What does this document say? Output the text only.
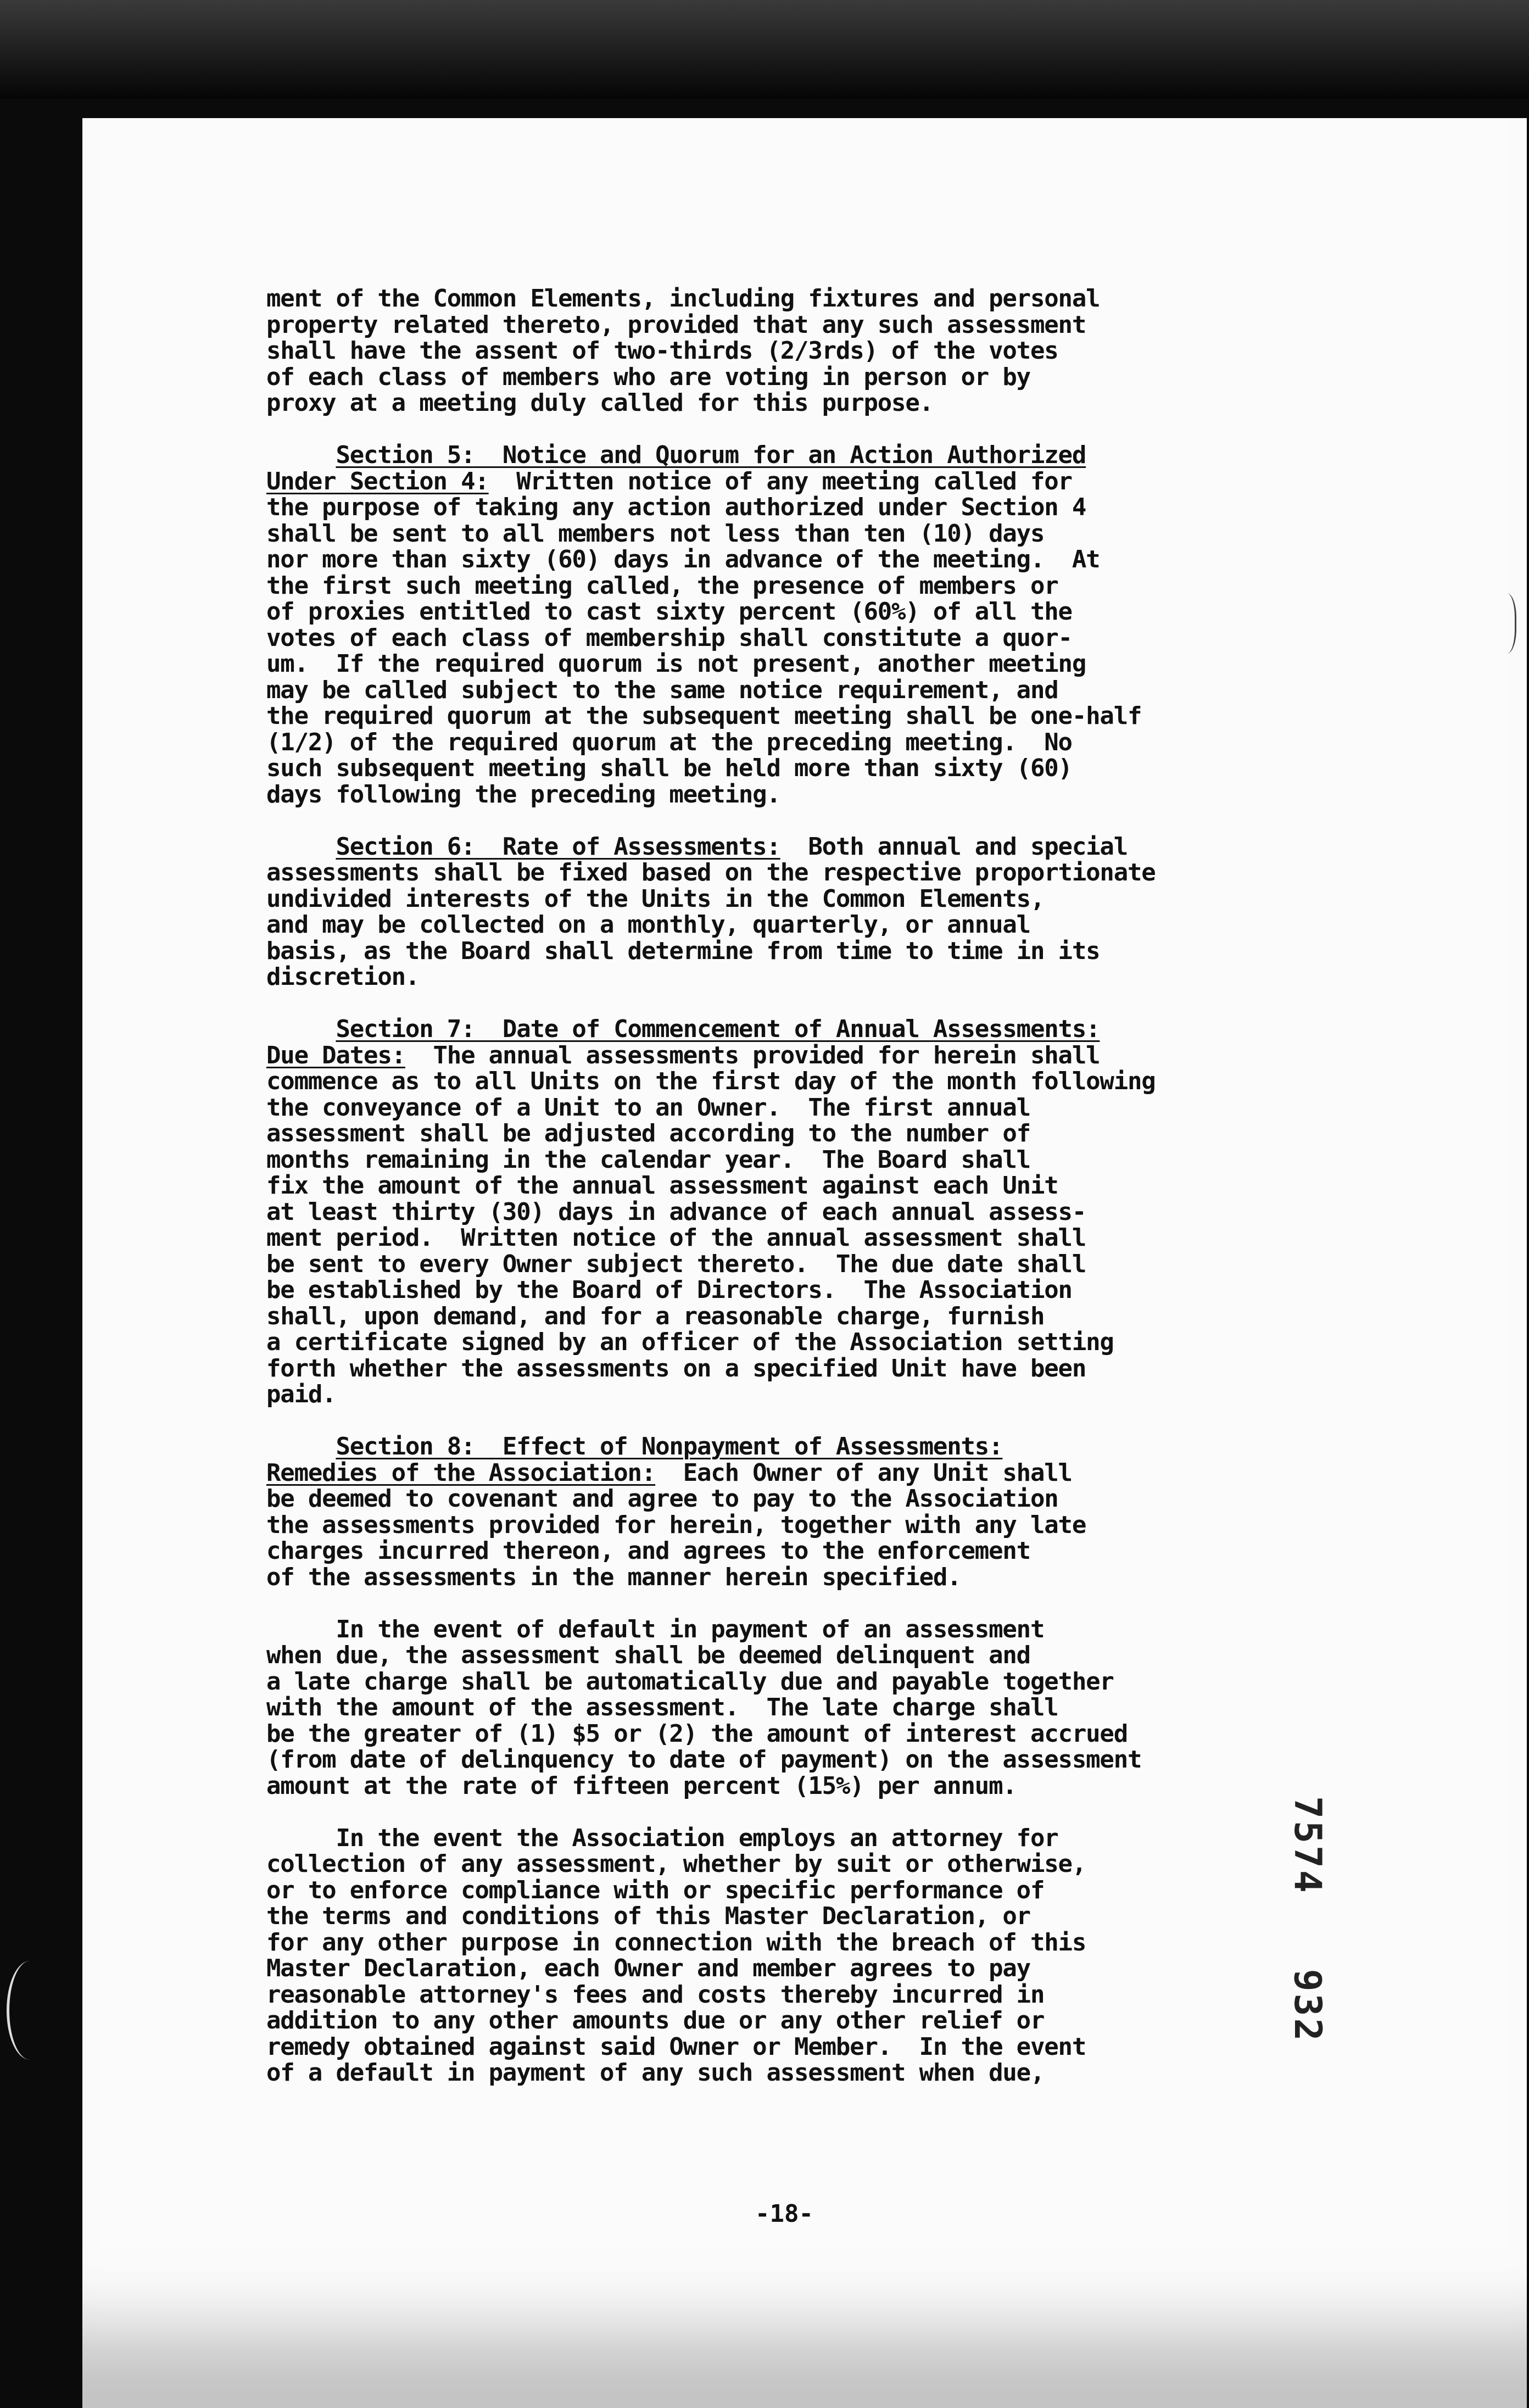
ment of the Common Elements, including fixtures and personal
property related thereto, provided that any such assessment
shall have the assent of two-thirds (2/3rds) of the votes
of each class of members who are voting in person or by
proxy at a meeting duly called for this purpose.
Section 5:  Notice and Quorum for an Action Authorized
Under Section 4:  Written notice of any meeting called for
the purpose of taking any action authorized under Section 4
shall be sent to all members not less than ten (10) days
nor more than sixty (60) days in advance of the meeting.  At
the first such meeting called, the presence of members or
of proxies entitled to cast sixty percent (60%) of all the
votes of each class of membership shall constitute a quor-
um.  If the required quorum is not present, another meeting
may be called subject to the same notice requirement, and
the required quorum at the subsequent meeting shall be one-half
(1/2) of the required quorum at the preceding meeting.  No
such subsequent meeting shall be held more than sixty (60)
days following the preceding meeting.
Section 6:  Rate of Assessments:  Both annual and special
assessments shall be fixed based on the respective proportionate
undivided interests of the Units in the Common Elements,
and may be collected on a monthly, quarterly, or annual
basis, as the Board shall determine from time to time in its
discretion.
Section 7:  Date of Commencement of Annual Assessments:
Due Dates:  The annual assessments provided for herein shall
commence as to all Units on the first day of the month following
the conveyance of a Unit to an Owner.  The first annual
assessment shall be adjusted according to the number of
months remaining in the calendar year.  The Board shall
fix the amount of the annual assessment against each Unit
at least thirty (30) days in advance of each annual assess-
ment period.  Written notice of the annual assessment shall
be sent to every Owner subject thereto.  The due date shall
be established by the Board of Directors.  The Association
shall, upon demand, and for a reasonable charge, furnish
a certificate signed by an officer of the Association setting
forth whether the assessments on a specified Unit have been
paid.
Section 8:  Effect of Nonpayment of Assessments:
Remedies of the Association:  Each Owner of any Unit shall
be deemed to covenant and agree to pay to the Association
the assessments provided for herein, together with any late
charges incurred thereon, and agrees to the enforcement
of the assessments in the manner herein specified.
In the event of default in payment of an assessment
when due, the assessment shall be deemed delinquent and
a late charge shall be automatically due and payable together
with the amount of the assessment.  The late charge shall
be the greater of (1) $5 or (2) the amount of interest accrued
(from date of delinquency to date of payment) on the assessment
amount at the rate of fifteen percent (15%) per annum.
In the event the Association employs an attorney for
collection of any assessment, whether by suit or otherwise,
or to enforce compliance with or specific performance of
the terms and conditions of this Master Declaration, or
for any other purpose in connection with the breach of this
Master Declaration, each Owner and member agrees to pay
reasonable attorney's fees and costs thereby incurred in
addition to any other amounts due or any other relief or
remedy obtained against said Owner or Member.  In the event
of a default in payment of any such assessment when due,
7574   932
-18-
